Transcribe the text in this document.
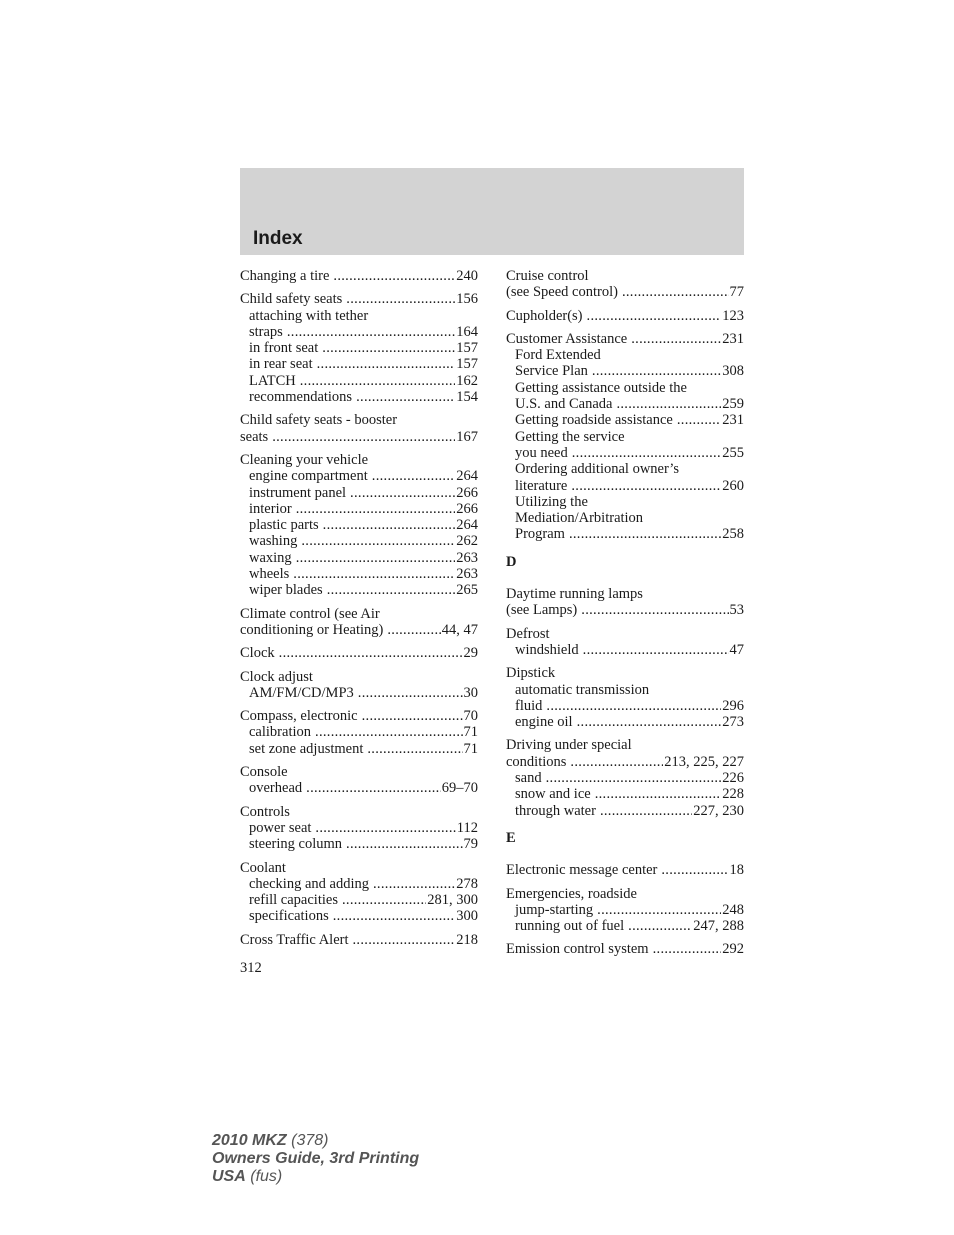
Index
Changing a tire .....	240
Child safety seats .....	156
attaching with tether
straps .....	164
in front seat .....	157
in rear seat .....	157
LATCH .....	162
recommendations .....	154
Child safety seats - booster
seats .....	167
Cleaning your vehicle
engine compartment .....	264
instrument panel .....	266
interior .....	266
plastic parts .....	264
washing .....	262
waxing .....	263
wheels .....	263
wiper blades .....	265
Climate control (see Air
conditioning or Heating) .....	44, 47
Clock .....	29
Clock adjust
AM/FM/CD/MP3 .....	30
Compass, electronic .....	70
calibration .....	71
set zone adjustment .....	71
Console
overhead .....	69–70
Controls
power seat .....	112
steering column .....	79
Coolant
checking and adding .....	278
refill capacities .....	281, 300
specifications .....	300
Cross Traffic Alert .....	218
Cruise control
(see Speed control) .....	77
Cupholder(s) .....	123
Customer Assistance .....	231
Ford Extended
Service Plan .....	308
Getting assistance outside the
U.S. and Canada .....	259
Getting roadside assistance .....	231
Getting the service
you need .....	255
Ordering additional owner’s
literature .....	260
Utilizing the
Mediation/Arbitration
Program .....	258
D
Daytime running lamps
(see Lamps) .....	53
Defrost
windshield .....	47
Dipstick
automatic transmission
fluid .....	296
engine oil .....	273
Driving under special
conditions .....	213, 225, 227
sand .....	226
snow and ice .....	228
through water .....	227, 230
E
Electronic message center .....	18
Emergencies, roadside
jump-starting .....	248
running out of fuel .....	247, 288
Emission control system .....	292
312
2010 MKZ (378)
Owners Guide, 3rd Printing
USA (fus)
